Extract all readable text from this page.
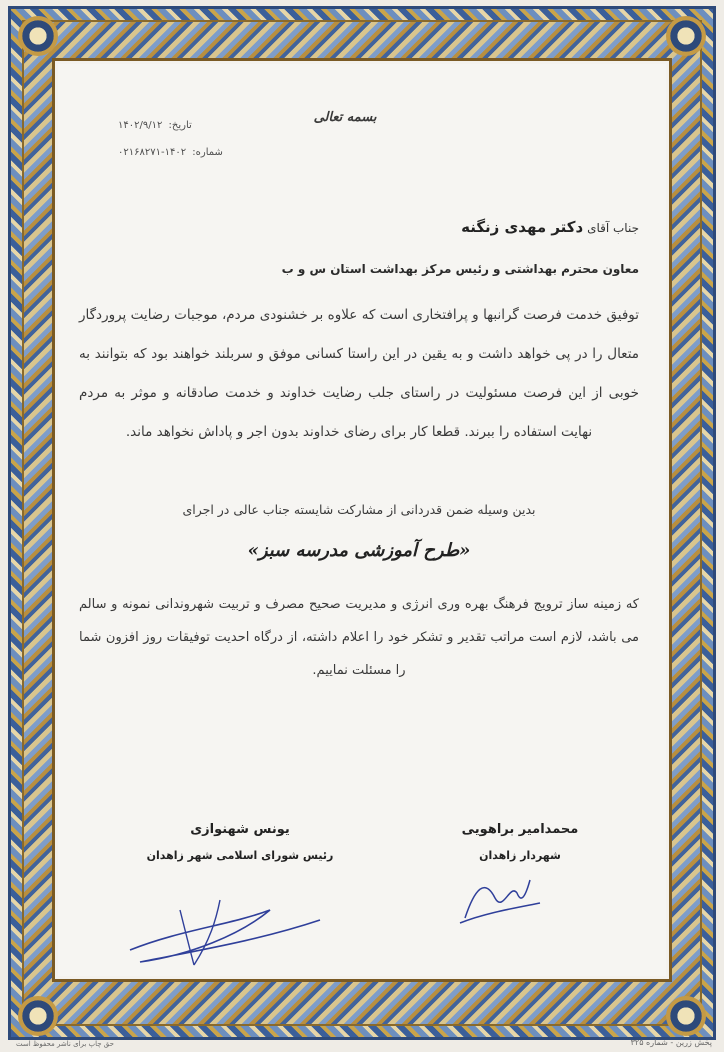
بسمه تعالی
تاریخ: ۱۴۰۲/۹/۱۲
شماره: ۱۴۰۲-۰۲۱۶۸۲۷۱
جناب آقای دکتر مهدی زنگنه
معاون محترم بهداشتی و رئیس مرکز بهداشت استان س و ب
توفیق خدمت فرصت گرانبها و پرافتخاری است که علاوه بر خشنودی مردم، موجبات رضایت پروردگار متعال را در پی خواهد داشت و به یقین در این راستا کسانی موفق و سربلند خواهند بود که بتوانند به خوبی از این فرصت مسئولیت در راستای جلب رضایت خداوند و خدمت صادقانه و موثر به مردم نهایت استفاده را ببرند. قطعا کار برای رضای خداوند بدون اجر و پاداش نخواهد ماند.
بدین وسیله ضمن قدردانی از مشارکت شایسته جناب عالی در اجرای
«طرح آموزشی مدرسه سبز»
که زمینه ساز ترویج فرهنگ بهره وری انرژی و مدیریت صحیح مصرف و تربیت شهروندانی نمونه و سالم می باشد، لازم است مراتب تقدیر و تشکر خود را اعلام داشته، از درگاه احدیت توفیقات روز افزون شما را مسئلت نماییم.
یونس شهنوازی
رئیس شورای اسلامی شهر زاهدان
محمدامیر براهویی
شهردار زاهدان
حق چاپ برای ناشر محفوظ است	پخش زرین - شماره ۳۲۵
